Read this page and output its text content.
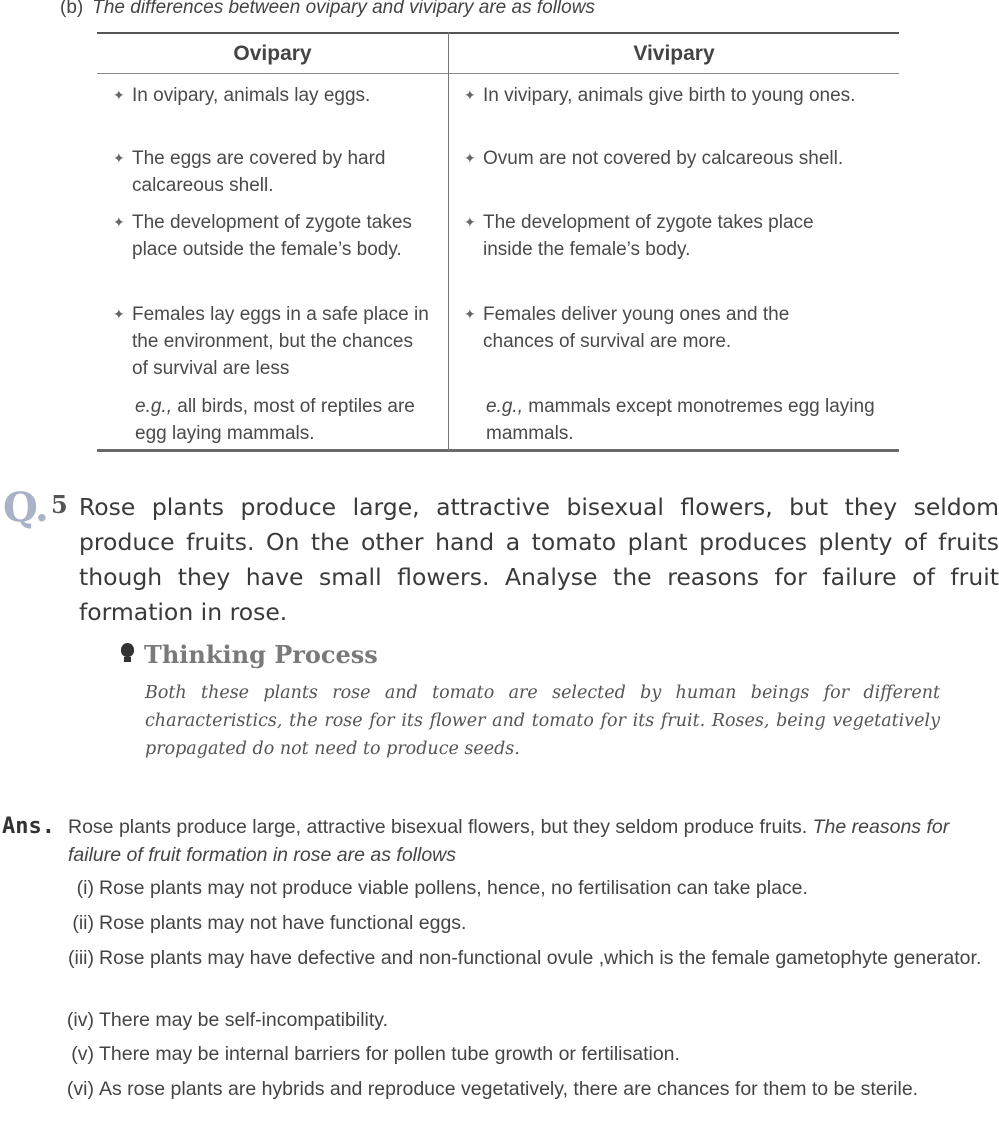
(b) The differences between ovipary and vivipary are as follows
Ovipary	Vivipary
✦ In ovipary, animals lay eggs.	✦ In vivipary, animals give birth to young ones.
✦ The eggs are covered by hard calcareous shell.
✦ Ovum are not covered by calcareous shell.
✦ The development of zygote takes place outside the female’s body.
✦ The development of zygote takes place inside the female’s body.
✦ Females lay eggs in a safe place in the environment, but the chances of survival are less
✦ Females deliver young ones and the chances of survival are more.
e.g., all birds, most of reptiles are egg laying mammals.
e.g., mammals except monotremes egg laying mammals.
Q. 5 Rose plants produce large, attractive bisexual flowers, but they seldom produce fruits. On the other hand a tomato plant produces plenty of fruits though they have small flowers. Analyse the reasons for failure of fruit formation in rose.
Thinking Process
Both these plants rose and tomato are selected by human beings for different characteristics, the rose for its flower and tomato for its fruit. Roses, being vegetatively propagated do not need to produce seeds.
Ans. Rose plants produce large, attractive bisexual flowers, but they seldom produce fruits. The reasons for failure of fruit formation in rose are as follows
(i) Rose plants may not produce viable pollens, hence, no fertilisation can take place.
(ii) Rose plants may not have functional eggs.
(iii) Rose plants may have defective and non-functional ovule ,which is the female gametophyte generator.
(iv) There may be self-incompatibility.
(v) There may be internal barriers for pollen tube growth or fertilisation.
(vi) As rose plants are hybrids and reproduce vegetatively, there are chances for them to be sterile.
